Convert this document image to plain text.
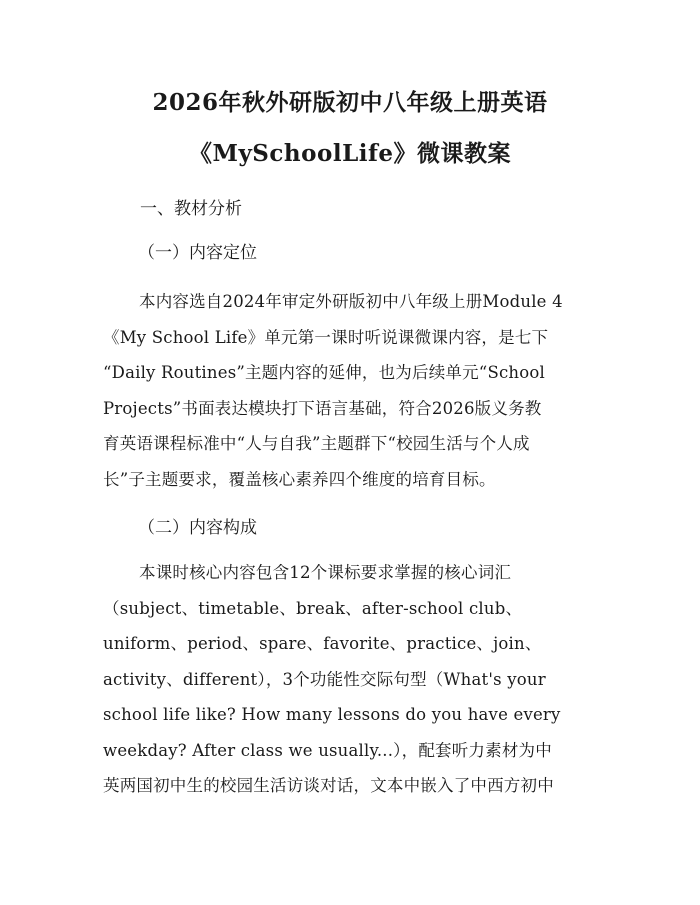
2026年秋外研版初中八年级上册英语
《MySchoolLife》微课教案
一、教材分析
（一）内容定位
本内容选自2024年审定外研版初中八年级上册Module 4
《My School Life》单元第一课时听说课微课内容，是七下
“Daily Routines”主题内容的延伸，也为后续单元“School
Projects”书面表达模块打下语言基础，符合2026版义务教
育英语课程标准中“人与自我”主题群下“校园生活与个人成
长”子主题要求，覆盖核心素养四个维度的培育目标。
（二）内容构成
本课时核心内容包含12个课标要求掌握的核心词汇
（subject、timetable、break、after-school club、
uniform、period、spare、favorite、practice、join、
activity、different），3个功能性交际句型（What's your
school life like? How many lessons do you have every
weekday? After class we usually...），配套听力素材为中
英两国初中生的校园生活访谈对话，文本中嵌入了中西方初中
